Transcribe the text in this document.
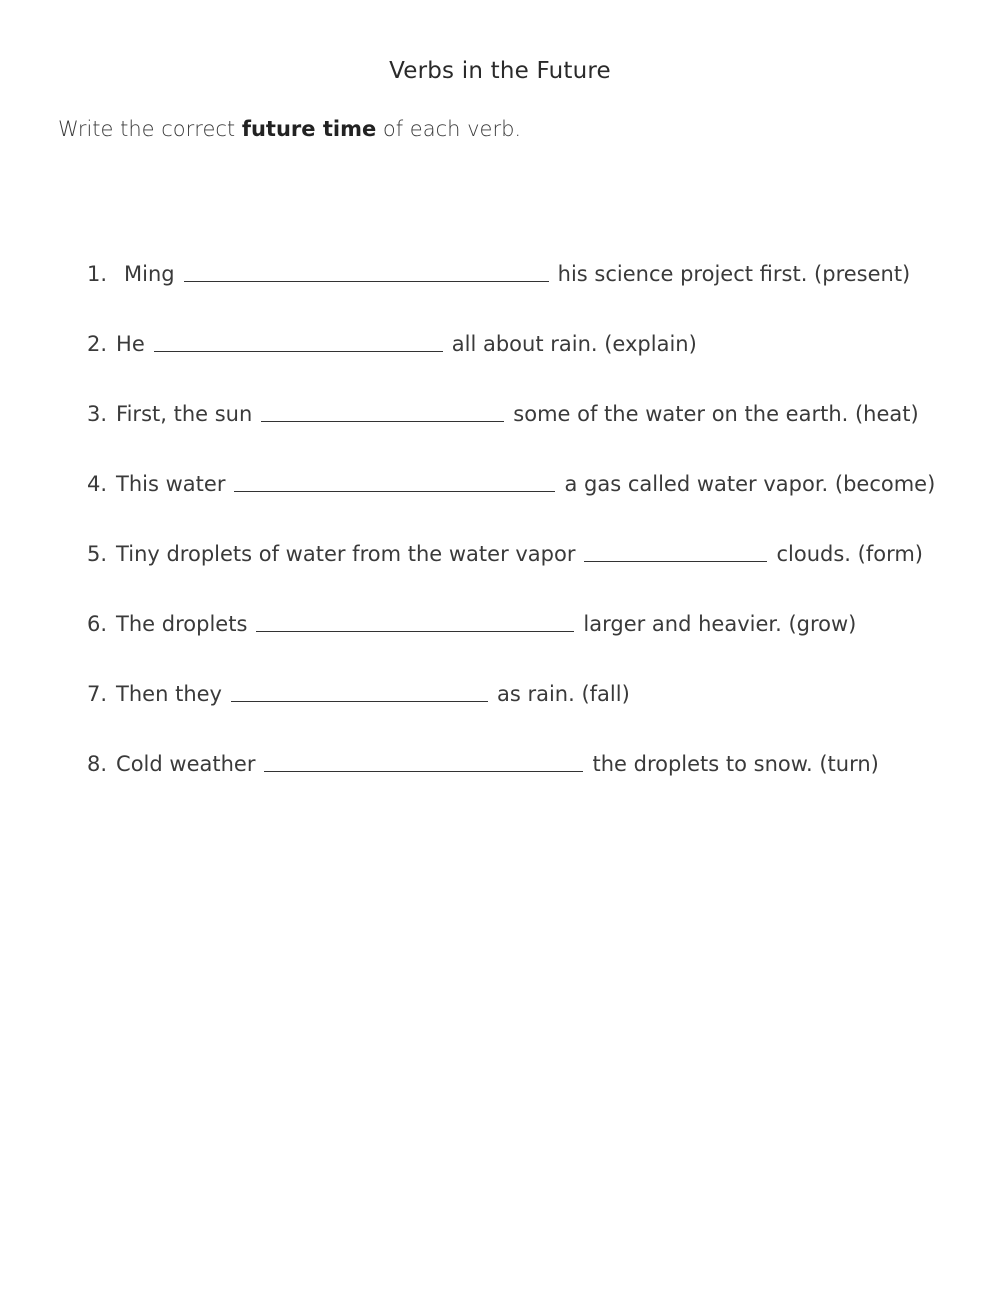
Verbs in the Future
Write the correct future time of each verb.
1. Ming	his science project first. (present)
2. He	all about rain. (explain)
3. First, the sun	some of the water on the earth. (heat)
4. This water	a gas called water vapor. (become)
5. Tiny droplets of water from the water vapor	clouds. (form)
6. The droplets	larger and heavier. (grow)
7. Then they	as rain. (fall)
8. Cold weather	the droplets to snow. (turn)
